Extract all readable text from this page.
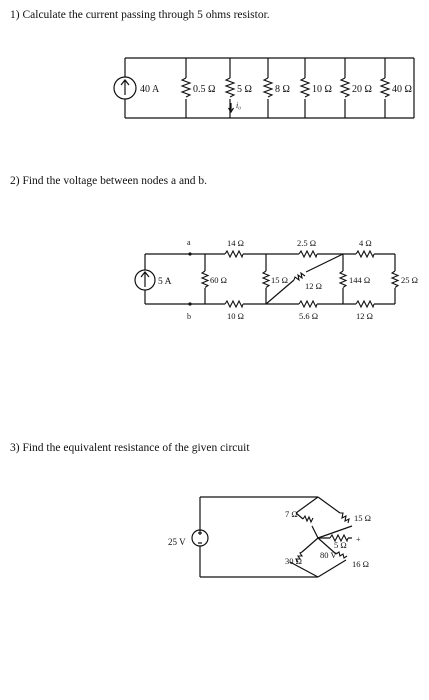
1) Calculate the current passing through 5 ohms resistor.
2) Find the voltage between nodes a and b.
3) Find the equivalent resistance of the given circuit
40 A	0.5 Ω 5 Ω 8 Ω 10 Ω 20 Ω 40 Ω
i₀
5 A
a
b
14 Ω	2.5 Ω	4 Ω
10 Ω	5.6 Ω	12 Ω
60 Ω	15 Ω	144 Ω	25 Ω
12 Ω
25 V
7 Ω	15 Ω
5 Ω
30 Ω
80 V
16 Ω
+
